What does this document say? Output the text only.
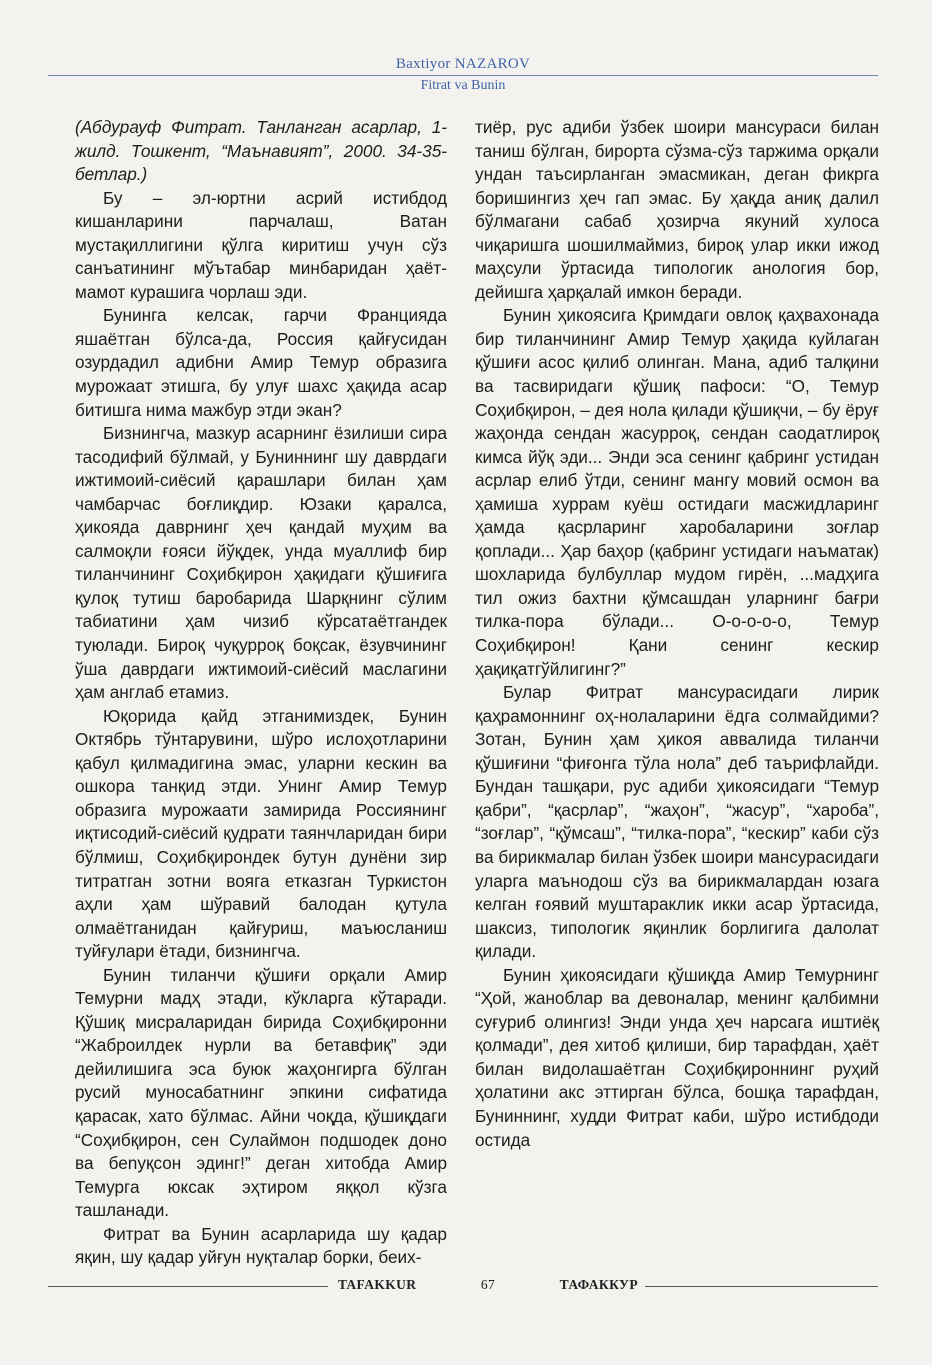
Baxtiyor NAZAROV
Fitrat va Bunin

(Абдурауф Фитрат. Танланган асарлар, 1-жилд. Тошкент, “Маънавият”, 2000. 34-35-бетлар.)

Бу – эл-юртни асрий истибдод кишанларини парчалаш, Ватан мустақиллигини қўлга киритиш учун сўз санъатининг мўътабар минбаридан ҳаёт-мамот курашига чорлаш эди.

Бунинга келсак, гарчи Францияда яшаётган бўлса-да, Россия қайғусидан озурдадил адибни Амир Темур образига мурожаат этишга, бу улуғ шахс ҳақида асар битишга нима мажбур этди экан?

Бизнингча, мазкур асарнинг ёзилиши сира тасодифий бўлмай, у Буниннинг шу даврдаги ижтимоий-сиёсий қарашлари билан ҳам чамбарчас боғлиқдир. Юзаки қаралса, ҳикояда даврнинг ҳеч қандай муҳим ва салмоқли ғояси йўқдек, унда муаллиф бир тиланчининг Соҳибқирон ҳақидаги қўшиғига қулоқ тутиш баробарида Шарқнинг сўлим табиатини ҳам чизиб кўрсатаётгандек туюлади. Бироқ чуқурроқ боқсак, ёзувчининг ўша даврдаги ижтимоий-сиёсий маслагини ҳам англаб етамиз.

Юқорида қайд этганимиздек, Бунин Октябрь тўнтарувини, шўро ислоҳотларини қабул қилмадигина эмас, уларни кескин ва ошкора танқид этди. Унинг Амир Темур образига мурожаати замирида Россиянинг иқтисодий-сиёсий қудрати таянчларидан бири бўлмиш, Соҳибқирондек бутун дунёни зир титратган зотни вояга етказган Туркистон аҳли ҳам шўравий балодан қутула олмаётганидан қайғуриш, маъюсланиш туйғулари ётади, бизнингча.

Бунин тиланчи қўшиғи орқали Амир Темурни мадҳ этади, кўкларга кўтаради. Қўшиқ мисраларидан бирида Соҳибқиронни “Жаброилдек нурли ва бетавфиқ” эди дейилишига эса буюк жаҳонгирга бўлган русий муносабатнинг эпкини сифатида қарасак, хато бўлмас. Айни чоқда, қўшиқдаги “Соҳибқирон, сен Сулаймон подшодек доно ва беnуқсон эдинг!” деган хитобда Амир Темурга юксак эҳтиром яққол кўзга ташланади.

Фитрат ва Бунин асарларида шу қадар яқин, шу қадар уйғун нуқталар борки, беих-

тиёр, рус адиби ўзбек шоири мансураси билан таниш бўлган, бирорта сўзма-сўз таржима орқали ундан таъсирланган эмасмикан, деган фикрга боришингиз ҳеч гап эмас. Бу ҳақда аниқ далил бўлмагани сабаб ҳозирча якуний хулоса чиқаришга шошилмаймиз, бироқ улар икки ижод маҳсули ўртасида типологик анология бор, дейишга ҳарқалай имкон беради.

Бунин ҳикоясига Қримдаги овлоқ қаҳвахонада бир тиланчининг Амир Темур ҳақида куйлаган қўшиғи асос қилиб олинган. Мана, адиб талқини ва тасвиридаги қўшиқ пафоси: “О, Темур Соҳибқирон, – дея нола қилади қўшиқчи, – бу ёруғ жаҳонда сендан жасурроқ, сендан саодатлироқ кимса йўқ эди... Энди эса сенинг қабринг устидан асрлар елиб ўтди, сенинг мангу мовий осмон ва ҳамиша хуррам куёш остидаги масжидларинг ҳамда қасрларинг харобаларини зоғлар қоплади... Ҳар баҳор (қабринг устидаги наъматак) шохларида булбуллар мудом гирён, ...мадҳига тил ожиз бахтни қўмсашдан уларнинг бағри тилка-пора бўлади... О-о-о-о-о, Темур Соҳибқирон! Қани сенинг кескир ҳақиқатгўйлигинг?”

Булар Фитрат мансурасидаги лирик қаҳрамоннинг оҳ-нолаларини ёдга солмайдими? Зотан, Бунин ҳам ҳикоя аввалида тиланчи қўшиғини “фиғонга тўла нола” деб таърифлайди. Бундан ташқари, рус адиби ҳикоясидаги “Темур қабри”, “қасрлар”, “жаҳон”, “жасур”, “хароба”, “зоғлар”, “қўмсаш”, “тилка-пора”, “кескир” каби сўз ва бирикмалар билан ўзбек шоири мансурасидаги уларга маънодош сўз ва бирикмалардан юзага келган ғоявий муштараклик икки асар ўртасида, шаксиз, типологик яқинлик борлигига далолат қилади.

Бунин ҳикоясидаги қўшиқда Амир Темурнинг “Ҳой, жаноблар ва девоналар, менинг қалбимни суғуриб олингиз! Энди унда ҳеч нарсага иштиёқ қолмади”, дея хитоб қилиши, бир тарафдан, ҳаёт билан видолашаётган Соҳибқироннинг руҳий ҳолатини акс эттирган бўлса, бошқа тарафдан, Буниннинг, худди Фитрат каби, шўро истибдоди остида

TAFAKKUR	67	ТАФАККУР
